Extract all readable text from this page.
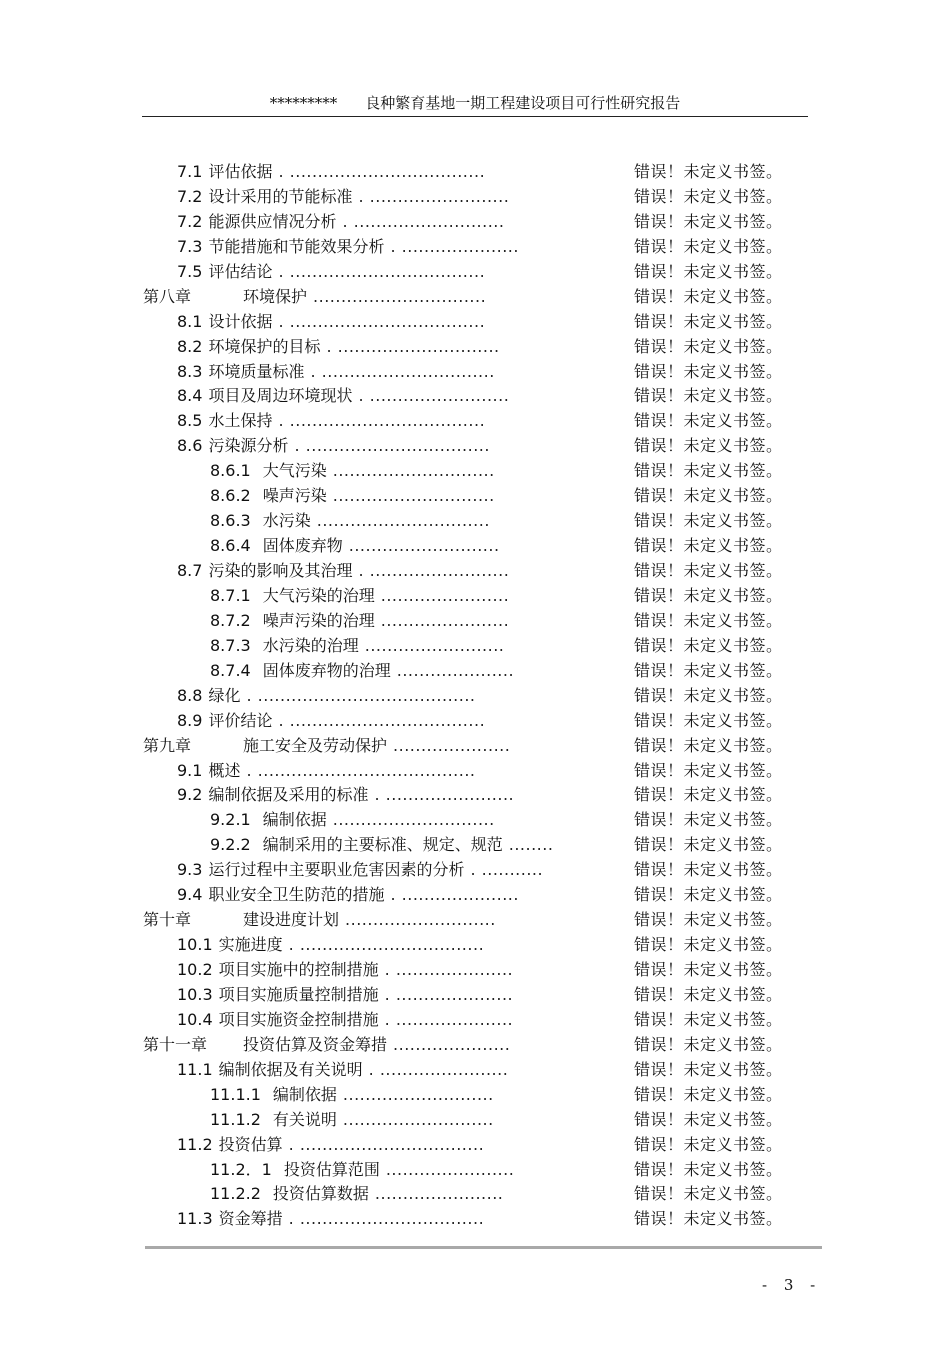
********* 良种繁育基地一期工程建设项目可行性研究报告
7.1 评估依据 . ...................................	错误！未定义书签。
7.2 设计采用的节能标准 . .........................	错误！未定义书签。
7.2 能源供应情况分析 . ...........................	错误！未定义书签。
7.3 节能措施和节能效果分析 . .....................	错误！未定义书签。
7.5 评估结论 . ...................................	错误！未定义书签。
第八章	环境保护 ...............................	错误！未定义书签。
8.1 设计依据 . ...................................	错误！未定义书签。
8.2 环境保护的目标 . .............................	错误！未定义书签。
8.3 环境质量标准 . ...............................	错误！未定义书签。
8.4 项目及周边环境现状 . .........................	错误！未定义书签。
8.5 水土保持 . ...................................	错误！未定义书签。
8.6 污染源分析 . .................................	错误！未定义书签。
8.6.1 大气污染 .............................	错误！未定义书签。
8.6.2 噪声污染 .............................	错误！未定义书签。
8.6.3 水污染 ...............................	错误！未定义书签。
8.6.4 固体废弃物 ...........................	错误！未定义书签。
8.7 污染的影响及其治理 . .........................	错误！未定义书签。
8.7.1 大气污染的治理 .......................	错误！未定义书签。
8.7.2 噪声污染的治理 .......................	错误！未定义书签。
8.7.3 水污染的治理 .........................	错误！未定义书签。
8.7.4 固体废弃物的治理 .....................	错误！未定义书签。
8.8 绿化 . .......................................	错误！未定义书签。
8.9 评价结论 . ...................................	错误！未定义书签。
第九章	施工安全及劳动保护 .....................	错误！未定义书签。
9.1 概述 . .......................................	错误！未定义书签。
9.2 编制依据及采用的标准 . .......................	错误！未定义书签。
9.2.1 编制依据 .............................	错误！未定义书签。
9.2.2 编制采用的主要标准、规定、规范 ........	错误！未定义书签。
9.3 运行过程中主要职业危害因素的分析 . ...........	错误！未定义书签。
9.4 职业安全卫生防范的措施 . .....................	错误！未定义书签。
第十章	建设进度计划 ...........................	错误！未定义书签。
10.1 实施进度 . .................................	错误！未定义书签。
10.2 项目实施中的控制措施 . .....................	错误！未定义书签。
10.3 项目实施质量控制措施 . .....................	错误！未定义书签。
10.4 项目实施资金控制措施 . .....................	错误！未定义书签。
第十一章 投资估算及资金筹措 .....................	错误！未定义书签。
11.1 编制依据及有关说明 . .......................	错误！未定义书签。
11.1.1 编制依据 ...........................	错误！未定义书签。
11.1.2 有关说明 ...........................	错误！未定义书签。
11.2 投资估算 . .................................	错误！未定义书签。
11.2．1 投资估算范围 .......................	错误！未定义书签。
11.2.2 投资估算数据 .......................	错误！未定义书签。
11.3 资金筹措 . .................................	错误！未定义书签。
- 3 -
